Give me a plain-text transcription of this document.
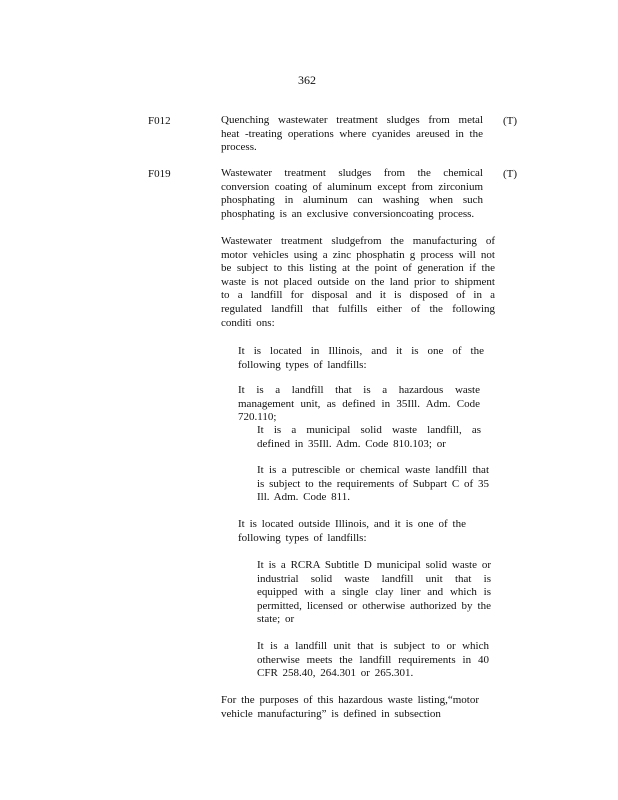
362
F012	Quenching wastewater treatment sludges from metal heat -treating operations where cyanides areused in the process.

(T)
F019	Wastewater treatment sludges from the chemical conversion coating of aluminum except from zirconium phosphating in aluminum can washing when such phosphating is an exclusive conversioncoating process.

(T)

Wastewater treatment sludgefrom the manufacturing of motor vehicles using a zinc phosphatin g process will not be subject to this listing at the point of generation if the waste is not placed outside on the land prior to shipment to a landfill for disposal and it is disposed of in a regulated landfill that fulfills either of the following conditi ons:

It is located in Illinois, and it is one of the following types of landfills:

It is a landfill that is a hazardous waste management unit, as defined in 35Ill. Adm. Code 720.110;

It is a municipal solid waste landfill, as defined in 35Ill. Adm. Code 810.103; or

It is a putrescible or chemical waste landfill that is subject to the requirements of Subpart C of 35 Ill. Adm. Code 811.

It is located outside Illinois, and it is one of the following types of landfills:

It is a RCRA Subtitle D municipal solid waste or industrial solid waste landfill unit that is equipped with a single clay liner and which is permitted, licensed or otherwise authorized by the state; or

It is a landfill unit that is subject to or which otherwise meets the landfill requirements in 40 CFR 258.40, 264.301 or 265.301.

For the purposes of this hazardous waste listing,“motor vehicle manufacturing” is defined in subsection
